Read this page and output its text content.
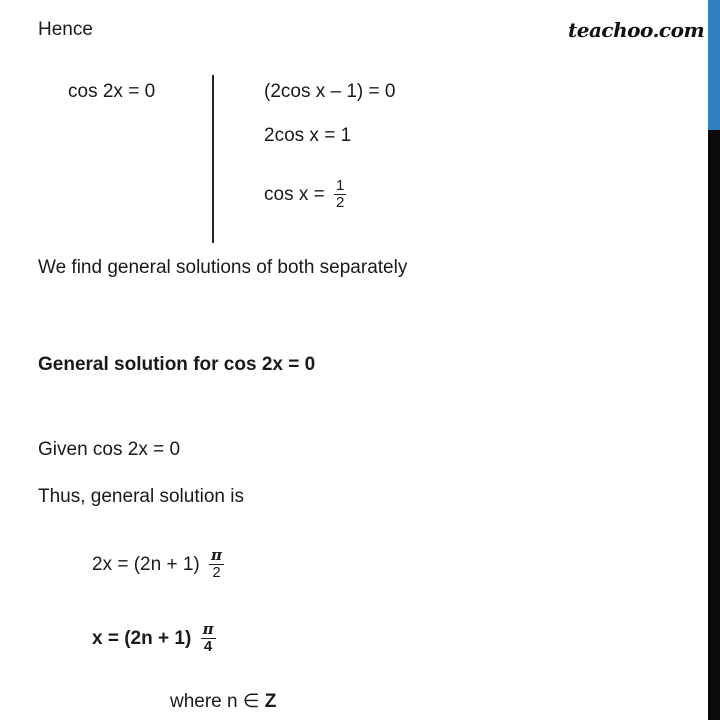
Hence	teachoo.com
cos 2x = 0	(2cos x – 1) = 0
2cos x = 1
$\cos x = \frac{1}{2}$
We find general solutions of both separately
General solution for cos 2x = 0
Given cos 2x = 0
Thus, general solution is
$2x = (2n + 1) \frac{\pi}{2}$
$x = (2n + 1) \frac{\pi}{4}$
where n ∈ Z
